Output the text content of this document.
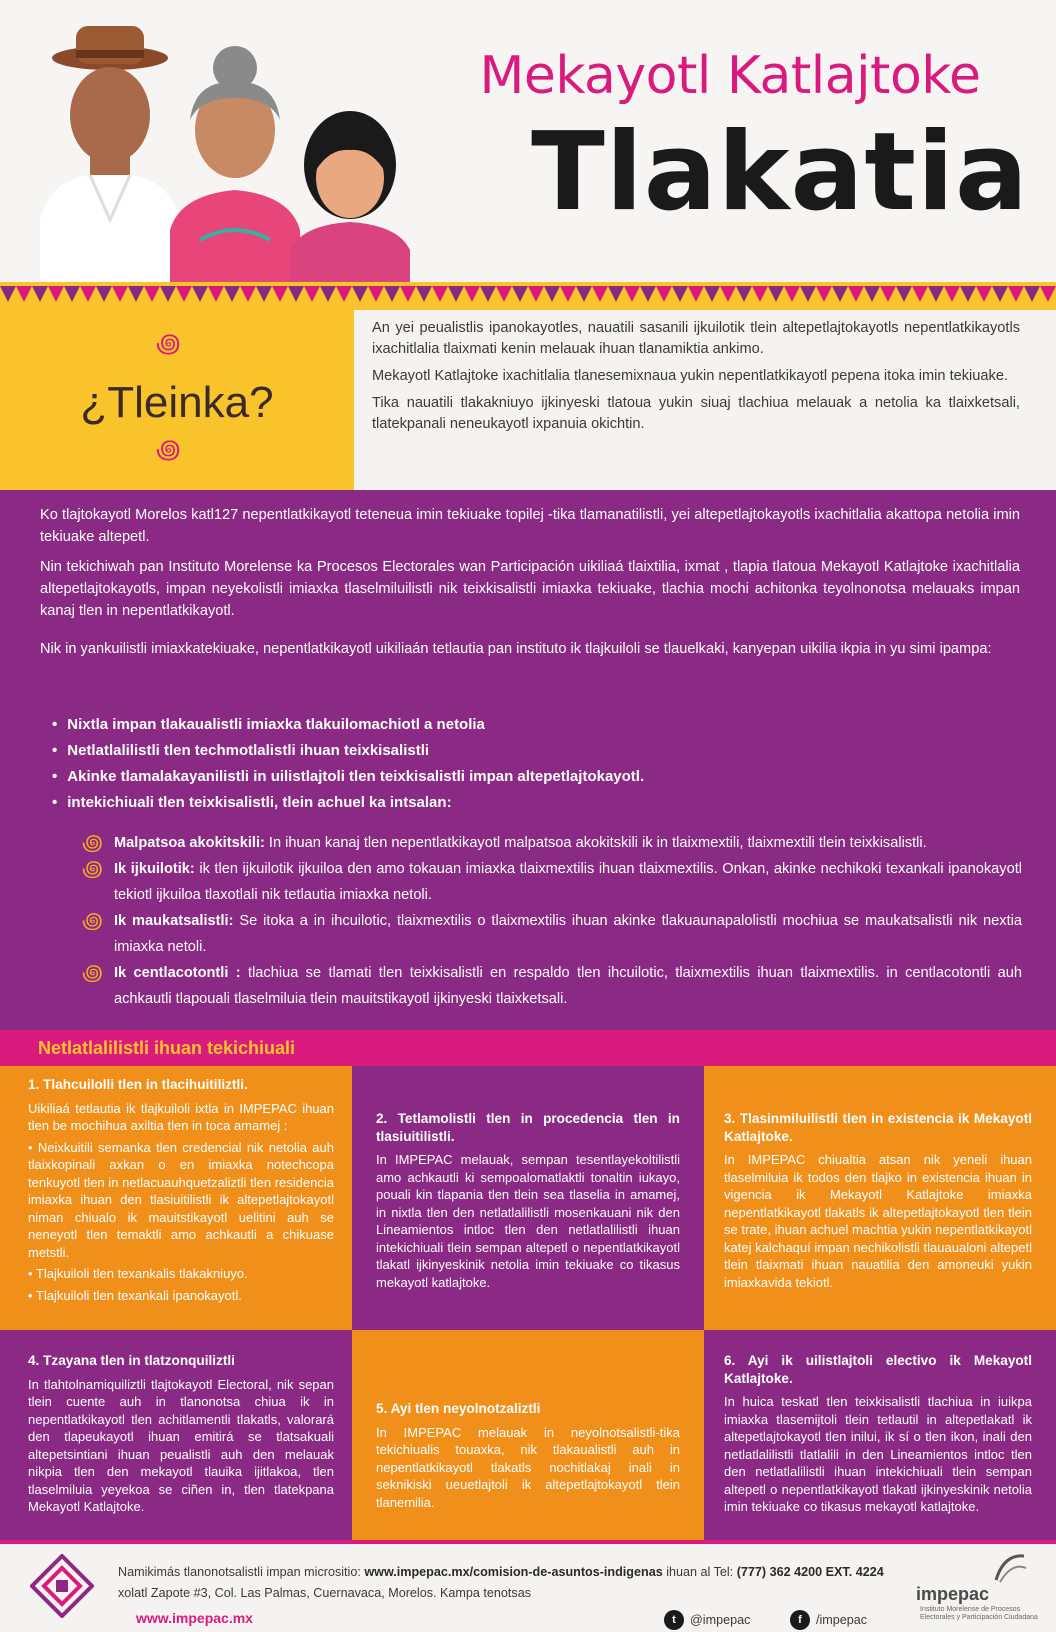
Mekayotl Katlajtoke
Tlakatia
꩜
¿Tleinka?
꩜

An yei peualistlis ipanokayotles, nauatili sasanili ijkuilotik tlein altepetlajtokayotls nepentlatkikayotls ixachitlalia tlaixmati kenin melauak ihuan tlanamiktia ankimo.

Mekayotl Katlajtoke ixachitlalia tlanesemixnaua yukin nepentlatkikayotl pepena itoka imin tekiuake.

Tika nauatili tlakakniuyo ijkinyeski tlatoua yukin siuaj tlachiua melauak a netolia ka tlaixketsali, tlatekpanali neneukayotl ixpanuia okichtin.

Ko tlajtokayotl Morelos katl127 nepentlatkikayotl teteneua imin tekiuake topilej -tika tlamanatilistli, yei altepetlajtokayotls ixachitlalia akattopa netolia imin tekiuake altepetl.

Nin tekichiwah pan Instituto Morelense ka Procesos Electorales wan Participación uikiliaá tlaixtilia, ixmat , tlapia tlatoua Mekayotl Katlajtoke ixachitlalia altepetlajtokayotls, impan neyekolistli imiaxka tlaselmiluilistli nik teixkisalistli imiaxka tekiuake, tlachia mochi achitonka teyolnonotsa melauaks impan kanaj tlen in nepentlatkikayotl.

Nik in yankuilistli imiaxkatekiuake, nepentlatkikayotl uikiliaán tetlautia pan instituto ik tlajkuiloli se tlauelkaki, kanyepan uikilia ikpia in yu simi ipampa:

• Nixtla impan tlakaualistli imiaxka tlakuilomachiotl a netolia
• Netlatlalilistli tlen techmotlalistli ihuan teixkisalistli
• Akinke tlamalakayanilistli in uilistlajtoli tlen teixkisalistli impan altepetlajtokayotl.
• intekichiuali tlen teixkisalistli, tlein achuel ka intsalan:
꩜ Malpatsoa akokitskili: In ihuan kanaj tlen nepentlatkikayotl malpatsoa akokitskili ik in tlaixmextili, tlaixmextili tlein teixkisalistli.
꩜ Ik ijkuilotik: ik tlen ijkuilotik ijkuiloa den amo tokauan imiaxka tlaixmextilis ihuan tlaixmextilis. Onkan, akinke nechikoki texankali ipanokayotl tekiotl ijkuiloa tlaxotlali nik tetlautia imiaxka netoli.
꩜ Ik maukatsalistli: Se itoka a in ihcuilotic, tlaixmextilis o tlaixmextilis ihuan akinke tlakuaunapalolistli mochiua se maukatsalistli nik nextia imiaxka netoli.
꩜ Ik centlacotontli : tlachiua se tlamati tlen teixkisalistli en respaldo tlen ihcuilotic, tlaixmextilis ihuan tlaixmextilis. in centlacotontli auh achkautli tlapouali tlaselmiluia tlein mauitstikayotl ijkinyeski tlaixketsali.
Netlatlalilistli ihuan tekichiuali
1. Tlahcuilolli tlen in tlacihuitiliztli.

Uikiliaá tetlautia ik tlajkuiloli ixtla in IMPEPAC ihuan tlen be mochihua axiltia tlen in toca amamej :

• Neixkuitili semanka tlen credencial nik netolia auh tlaixkopinali axkan o en imiaxka notechcopa tenkuyotl tlen in netlacuauhquetzaliztli tlen residencia imiaxka ihuan den tlasiuitilistli ik altepetlajtokayotl niman chiualo ik mauitstikayotl uelitini auh se neneyotl tlen temaktli amo achkautli a chikuase metstli.

• Tlajkuiloli tlen texankalis tlakakniuyo.

• Tlajkuiloli tlen texankali ipanokayotl.

2. Tetlamolistli tlen in procedencia tlen in tlasiuitilistli.

In IMPEPAC melauak, sempan tesentlayekoltilistli amo achkautli ki sempoalomatlaktli tonaltin iukayo, pouali kin tlapania tlen tlein sea tlaselia in amamej, in nixtla tlen den netlatlalilistli mosenkauani nik den Lineamientos intloc tlen den netlatlalilistli ihuan intekichiuali tlein sempan altepetl o nepentlatkikayotl tlakatl ijkinyeskinik netolia imin tekiuake co tikasus mekayotl katlajtoke.

3. Tlasinmiluilistli tlen in existencia ik Mekayotl Katlajtoke.

In IMPEPAC chiualtia atsan nik yeneli ihuan tlaselmiluia ik todos den tlajko in existencia ihuan in vigencia ik Mekayotl Katlajtoke imiaxka nepentlatkikayotl tlakatls ik altepetlajtokayotl tlen tlein se trate, ihuan achuel machtia yukin nepentlatkikayotl katej kalchaquí impan nechikolistli tlauaualoni altepetl tlein tlaixmati ihuan nauatilia den amoneuki yukin imiaxkavida tekiotl.

4. Tzayana tlen in tlatzonquiliztli

In tlahtolnamiquiliztli tlajtokayotl Electoral, nik sepan tlein cuente auh in tlanonotsa chiua ik in nepentlatkikayotl tlen achitlamentli tlakatls, valorará den tlapeukayotl ihuan emitirá se tlatsakuali altepetsintiani ihuan peualistli auh den melauak nikpia tlen den mekayotl tlauika ijitlakoa, tlen tlaselmiluia yeyekoa se ciñen in, tlen tlatekpana Mekayotl Katlajtoke.

5. Ayi tlen neyolnotzaliztli

In IMPEPAC melauak in neyolnotsalistli-tika tekichiualis touaxka, nik tlakaualistli auh in nepentlatkikayotl tlakatls nochitlakaj inali in seknikiski ueuetlajtoli ik altepetlajtokayotl tlein tlanemilia.

6. Ayi ik uilistlajtoli electivo ik Mekayotl Katlajtoke.

In huica teskatl tlen teixkisalistli tlachiua in iuikpa imiaxka tlasemijtoli tlein tetlautil in altepetlakatl ik altepetlajtokayotl tlen inilui, ik sí o tlen ikon, inali den netlatlalilistli tlatlalili in den Lineamientos intloc tlen den netlatlalilistli ihuan intekichiuali tlein sempan altepetl o nepentlatkikayotl tlakatl ijkinyeskinik netolia imin tekiuake co tikasus mekayotl katlajtoke.

Namikimás tlanonotsalistli impan micrositio: www.impepac.mx/comision-de-asuntos-indigenas ihuan al Tel: (777) 362 4200 EXT. 4224
xolatl Zapote #3, Col. Las Palmas, Cuernavaca, Morelos. Kampa tenotsas
www.impepac.mx	t	@impepac	f	/impepac
impepac
Instituto Morelense de Procesos Electorales y Participación Ciudadana
